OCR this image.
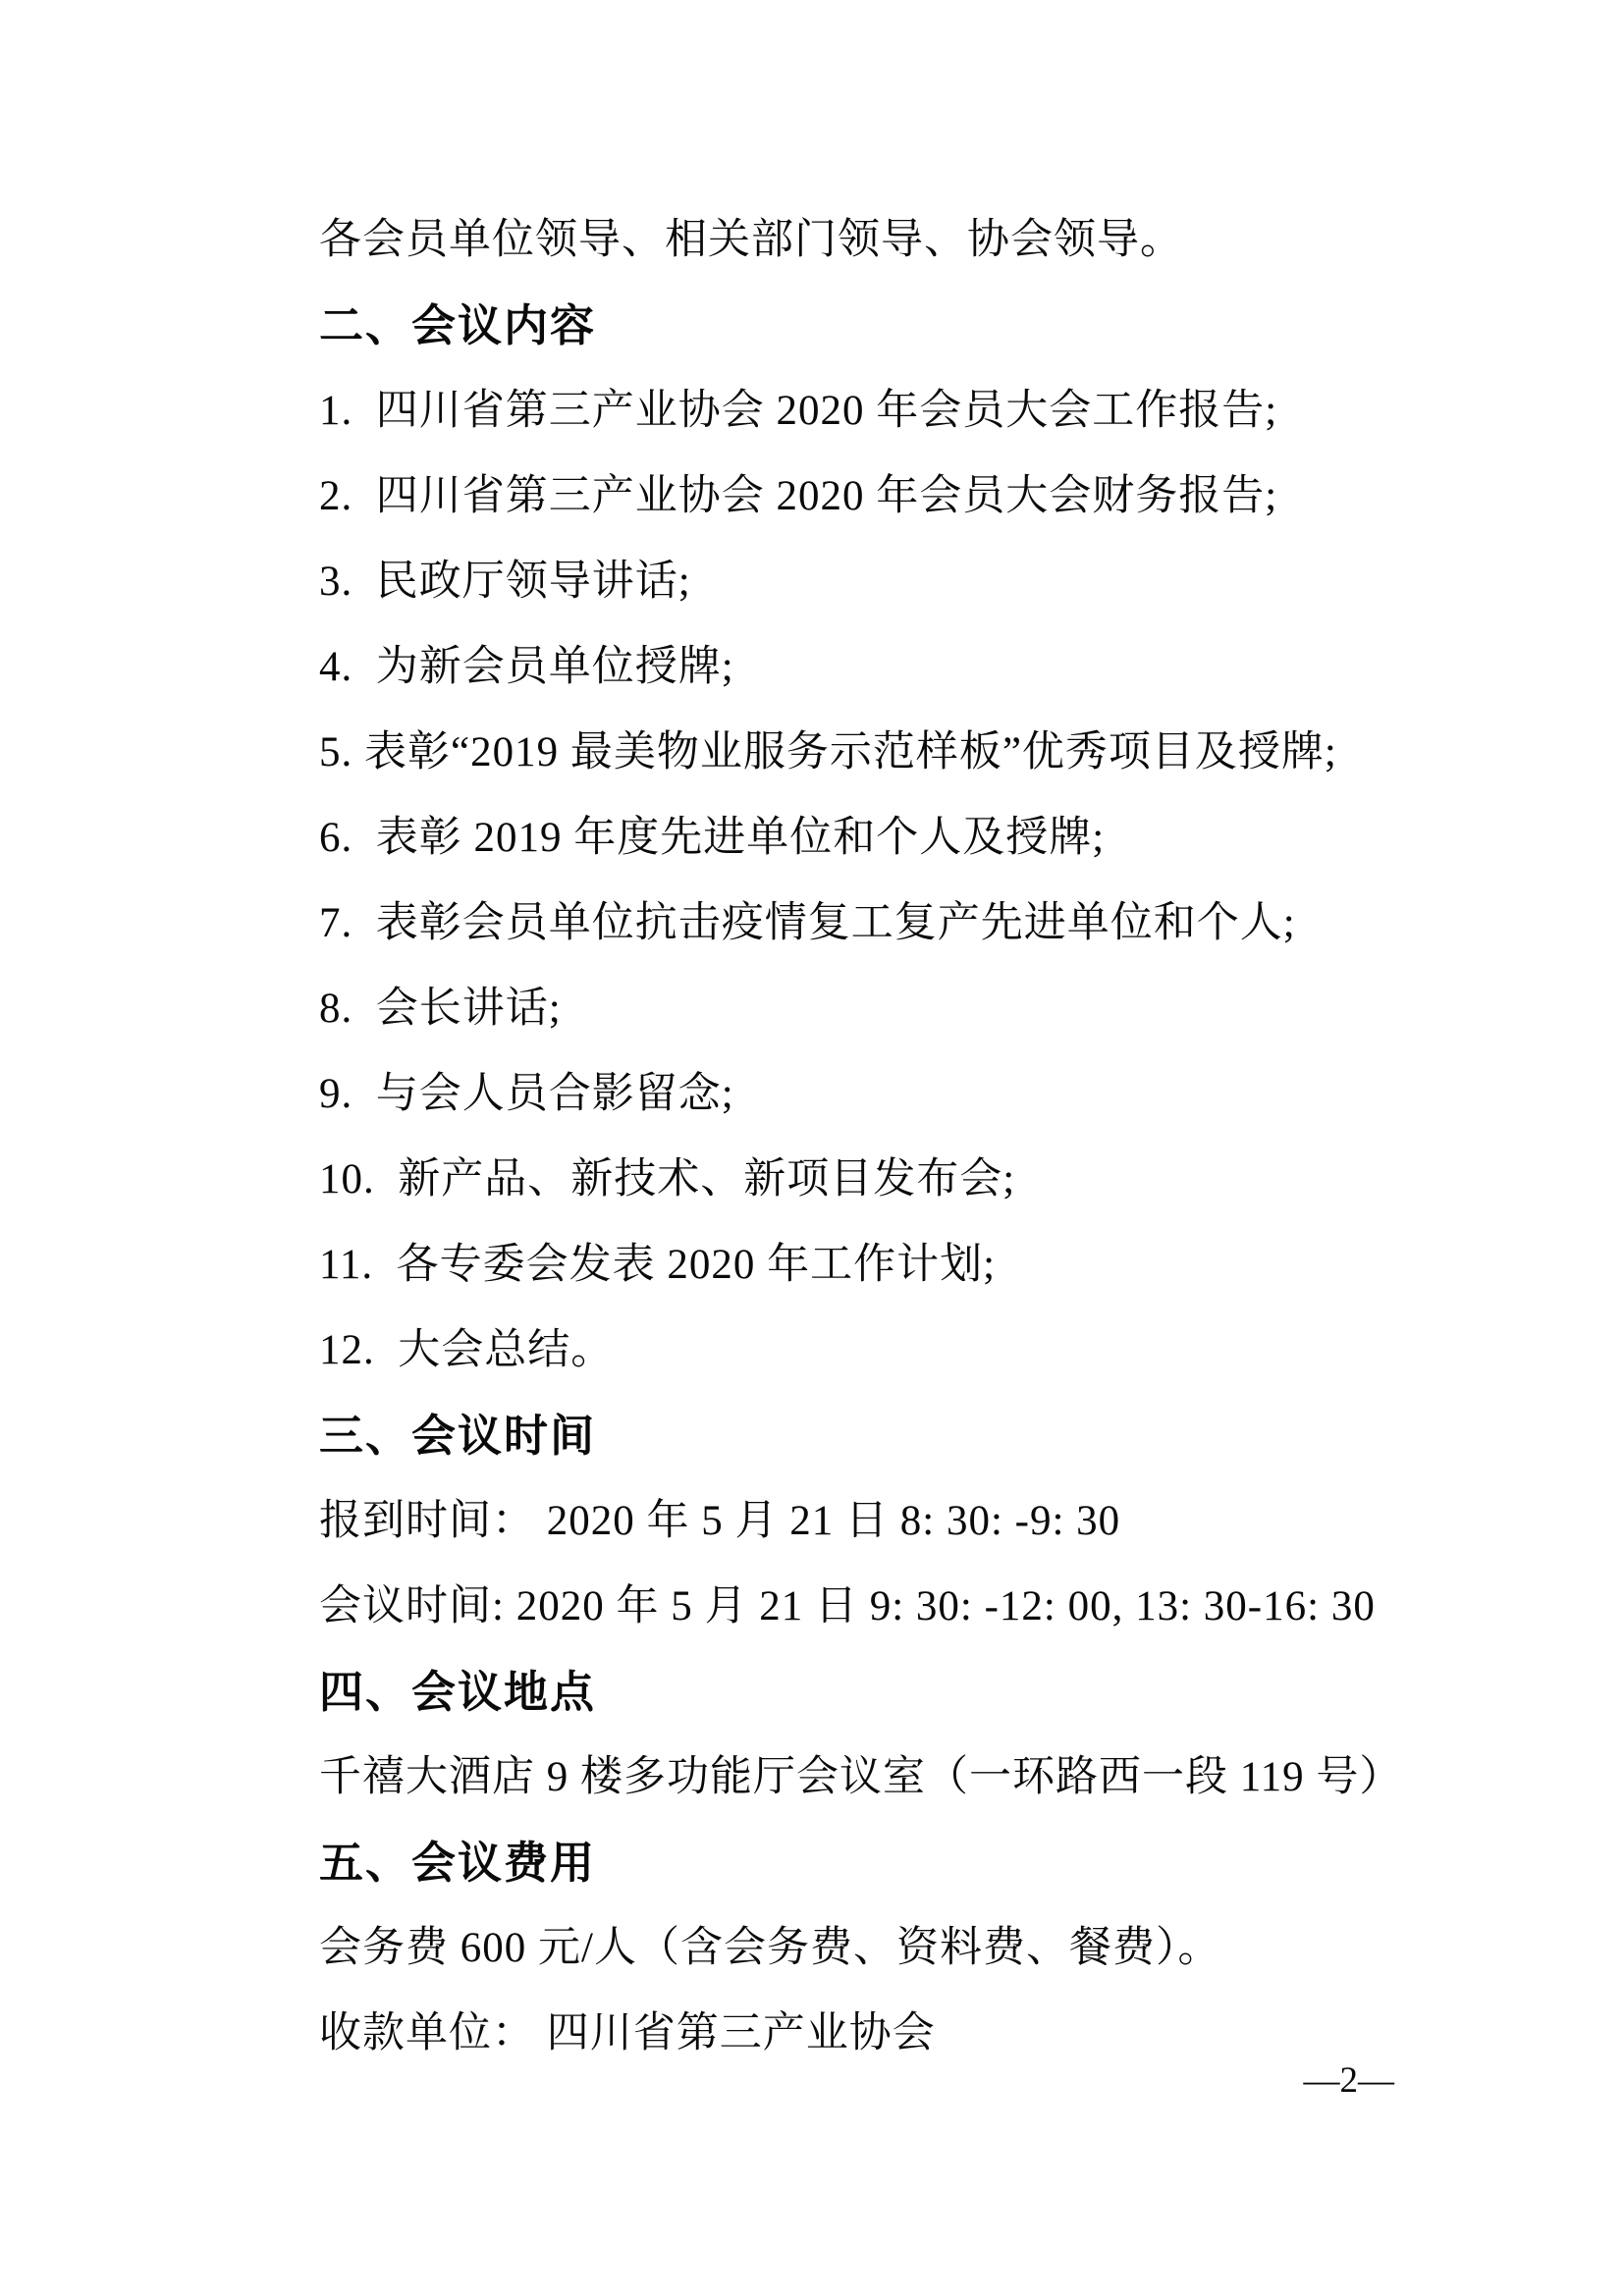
各会员单位领导、相关部门领导、协会领导。
二、会议内容
1.  四川省第三产业协会 2020 年会员大会工作报告;
2.  四川省第三产业协会 2020 年会员大会财务报告;
3.  民政厅领导讲话;
4.  为新会员单位授牌;
5. 表彰“2019 最美物业服务示范样板”优秀项目及授牌;
6.  表彰 2019 年度先进单位和个人及授牌;
7.  表彰会员单位抗击疫情复工复产先进单位和个人;
8.  会长讲话;
9.  与会人员合影留念;
10.  新产品、新技术、新项目发布会;
11.  各专委会发表 2020 年工作计划;
12.  大会总结。
三、会议时间
报到时间： 2020 年 5 月 21 日 8: 30: -9: 30
会议时间: 2020 年 5 月 21 日 9: 30: -12: 00, 13: 30-16: 30
四、会议地点
千禧大酒店 9 楼多功能厅会议室（一环路西一段 119 号）
五、会议费用
会务费 600 元/人（含会务费、资料费、餐费）。
收款单位： 四川省第三产业协会
—2—
